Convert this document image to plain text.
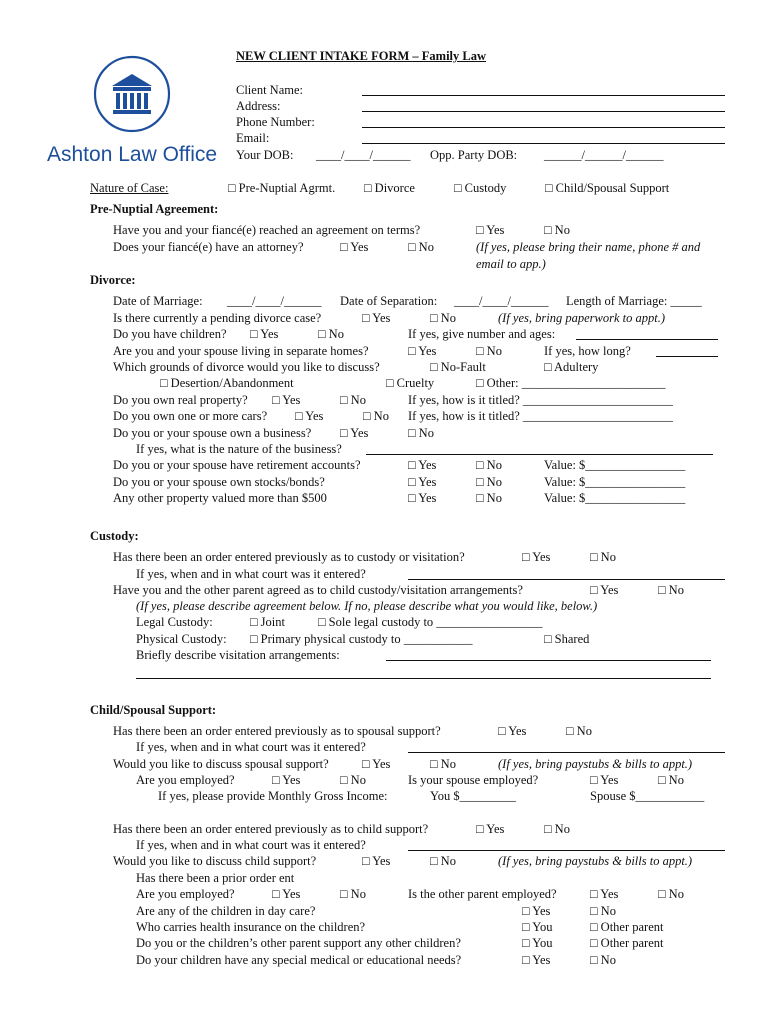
Ashton Law Office
NEW CLIENT INTAKE FORM – Family Law
Client Name:
Address:
Phone Number:
Email:
Your DOB: ____/____/______ Opp. Party DOB: ______/______/______
Nature of Case:	□ Pre-Nuptial Agrmt. □ Divorce	□ Custody	□ Child/Spousal Support
Pre-Nuptial Agreement:
Have you and your fiancé(e) reached an agreement on terms?	□ Yes	□ No
Does your fiancé(e) have an attorney?	□ Yes	□ No	(If yes, please bring their name, phone # and
email to app.)
Divorce:
Date of Marriage: ____/____/______ Date of Separation: ____/____/______ Length of Marriage: _____
Is there currently a pending divorce case?	□ Yes	□ No	(If yes, bring paperwork to appt.)
Do you have children? □ Yes	□ No	If yes, give number and ages:
Are you and your spouse living in separate homes?	□ Yes	□ No	If yes, how long?
Which grounds of divorce would you like to discuss?	□ No-Fault	□ Adultery
□ Desertion/Abandonment	□ Cruelty	□ Other: _______________________
Do you own real property? □ Yes	□ No	If yes, how is it titled? ________________________
Do you own one or more cars? □ Yes	□ No If yes, how is it titled? ________________________
Do you or your spouse own a business? □ Yes	□ No
If yes, what is the nature of the business?
Do you or your spouse have retirement accounts?	□ Yes	□ No	Value: $________________
Do you or your spouse own stocks/bonds?	□ Yes	□ No	Value: $________________
Any other property valued more than $500	□ Yes	□ No	Value: $________________
Custody:
Has there been an order entered previously as to custody or visitation?	□ Yes	□ No
If yes, when and in what court was it entered?
Have you and the other parent agreed as to child custody/visitation arrangements?	□ Yes	□ No
(If yes, please describe agreement below. If no, please describe what you would like, below.)
Legal Custody:	□ Joint	□ Sole legal custody to _________________
Physical Custody: □ Primary physical custody to ___________	□ Shared
Briefly describe visitation arrangements:
Child/Spousal Support:
Has there been an order entered previously as to spousal support?	□ Yes	□ No
If yes, when and in what court was it entered?
Would you like to discuss spousal support?	□ Yes	□ No	(If yes, bring paystubs & bills to appt.)
Are you employed?	□ Yes	□ No	Is your spouse employed?	□ Yes	□ No
If yes, please provide Monthly Gross Income:	You $_________	Spouse $___________
Has there been an order entered previously as to child support?	□ Yes	□ No
If yes, when and in what court was it entered?
Would you like to discuss child support?	□ Yes	□ No	(If yes, bring paystubs & bills to appt.)
Has there been a prior order ent
Are you employed?	□ Yes	□ No	Is the other parent employed?	□ Yes	□ No
Are any of the children in day care?	□ Yes	□ No
Who carries health insurance on the children?	□ You	□ Other parent
Do you or the children’s other parent support any other children?	□ You	□ Other parent
Do your children have any special medical or educational needs?	□ Yes	□ No
